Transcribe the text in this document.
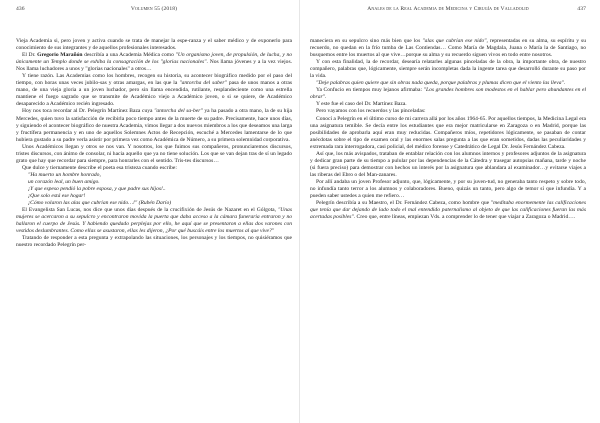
436	Volumen 55 (2018)

Vieja Academia si, pero joven y activa cuando se trata de manejar la espe-ranza y el saber médico y de exponerlo para conocimiento de sus integrantes y de aquellos profesionales interesados.

El Dr. Gregorio Marañón describía a una Academia Médica como "Un organismo joven, de propulsión, de lucha, y no únicamente un Templo donde se exhiba la consagración de los "glorias nacionales". Nos llama jóvenes y a la vez viejos. Nos llama luchadores a unos y "glorias nacionales" a otros…

Y tiene razón. Las Academias como los hombres, recogen su historia, su acontecer biográfico medido por el paso del tiempo, con horas unas veces jubilo-sas y otras amargas, en las que la "antorcha del saber" pasa de unos manos a otras mano, de una vieja gloria a un joven luchador, pero sin llama encendida, rutilante, resplandeciente como una estrella mantiene el fuego sagrado que se transmite de Académico viejo a Académico joven, o si se quiere, de Académico desaparecido a Académico recién ingresado.

Hoy nos toca recordar al Dr. Pelegrín Martínez Baza cuya "antorcha del sa-ber" ya ha pasado a otra mano, la de su hija Mercedes, quien tuvo la satisfacción de recibirla poco tiempo antes de la muerte de su padre. Precisamente, hace unos días, y siguiendo el acontecer biográfico de nuestra Academia, vimos llegar a dos nuevos miembros a los que deseamos una larga y fructífera permanencia y en uno de aquellos Solemnes Actos de Recepción, escuché a Mercedes lamentarse de lo que hubiera gustado a su padre verla asistir por primera vez como Académica de Número, a su primera solemnidad corporativa.

Unos Académicos llegan y otros se nos van. Y nosotros, los que fuimos sus compañeros, pronunciaremos discursos, tristes discursos, con ánimo de consolar, ni hacia aquello que ya no tiene solución. Los que se van dejan tras de sí un legado grato que hay que recordar para siempre, para honrarles con el sentido. Tris-tes discursos…

Que dulce y tiernamente describe el poeta esa tristeza cuando escribe:

"Ha muerto un hombre honrado,

un corazón leal, un buen amigo.

¡Y que espeso pendió la pobre esposa, y que padre sus hijos!..

¡Que solo está ese hogar!

¡Cómo volaron las alas que cubrían ese nido…!" (Rubén Darío)

El Evangelista San Lucas, nos dice que unos días después de la crucifixión de Jesús de Nazaret en el Gólgota, "Unas mujeres se acercaron a su sepulcro y encontraron movida la puerta que daba acceso a la cámara funeraria entraron y no hallaron el cuerpo de Jesús. Y habiendo quedado perplejas por ello, he aquí que se presentaron a ellas dos varones con vestidos deslumbrantes. Como ellas se asustaron, ellas les dijeron, ¿Por qué buscáis entre los muertos al que vive?"

Tratando de responder a esta pregunta y extrapolando las situaciones, los personajes y los tiempos, no quisiéramos que nuestro recordado Pelegrín per-

Anales de la Real Academia de Medicina y Cirugía de Valladolid	437

maneciera en su sepulcro sino más bien que los "alas que cubrían ese nido", representadas en su alma, su espíritu y su recuerdo, no quedan en la frío tumba de Las Contiendas… Como María de Magdala, Juana o María la de Santiago, no busquemos entre los muertos al que vive…porque su alma y su recuerdo siguen vivos en todo entre nosotros.

Y con esta finalidad, la de recordar, desearía relatarles algunas pinceladas de la obra, la importante obra, de nuestro compañero, palabras que, lógicamente, siempre serán incompletas dada la ingente tarea que desarrolló durante su paso por la vida.

"Deje palabras quien quiere que sin obras nada queda, porque palabras y plumas dicen que el viento las lleva".

Ya Confucio en tiempos muy lejanos afirmaba: "Los grandes hombres son modestos en el hablar pero abundantes en el obrar".

Y este fue el caso del Dr. Martínez Baza.

Pero vayamos con los recuerdos y las pinceladas:

Conocí a Pelegrín en el último curso de mi carrera allá por los años 1964-65. Por aquellos tiempos, la Medicina Legal era una asignatura temible. Se decía entre los estudiantes que era mejor matricularse en Zaragoza o en Madrid, porque las posibilidades de aprobarla aquí eran muy reducidas. Compañeros míos, repetidores lógicamente, se pasaban de contar anécdotas sobre el tipo de examen oral y las enormes salas pregunta a las que eran sometidos, dadas las peculiaridades y extremada rara interrogadora, casi policial, del médico forense y Catedrático de Legal Dr. Jesús Fernández Cabeza.

Así que, los más avispados, trataban de entablar relación con los alumnos internos y profesores adjuntos de la asignatura y dedicar gran parte de su tiempo a pulular por las dependencias de la Cátedra y trasegar autopsias mañana, tarde y noche (si fuera preciso) para demostrar con hechos un interés por la asignatura que ablandara al examinador…y evitarse viajes a las riberas del Ebro o del Man-zanares.

Por allí andaba un joven Profesor adjunto, que, lógicamente, y por su juven-tud, no generaba tanto respeto y sobre todo, no infundía tanto terror a los alumnos y colaboradores. Bueno, quizás un tanto, pero algo de temor sí que infundía. Y a pueden saber ustedes a quien me refiero…

Pelegrín describía a su Maestro, el Dr. Fernández Cabeza, como hombre que "meditaba enormemente las calificaciones que tenía que dar dejando de lado todo el mal entendido paternalismo al objeto de que las calificaciones fueran las más acertadas posibles". Creo que, entre líneas, empiezan Vds. a comprender lo de tener que viajar a Zaragoza o Madrid….
